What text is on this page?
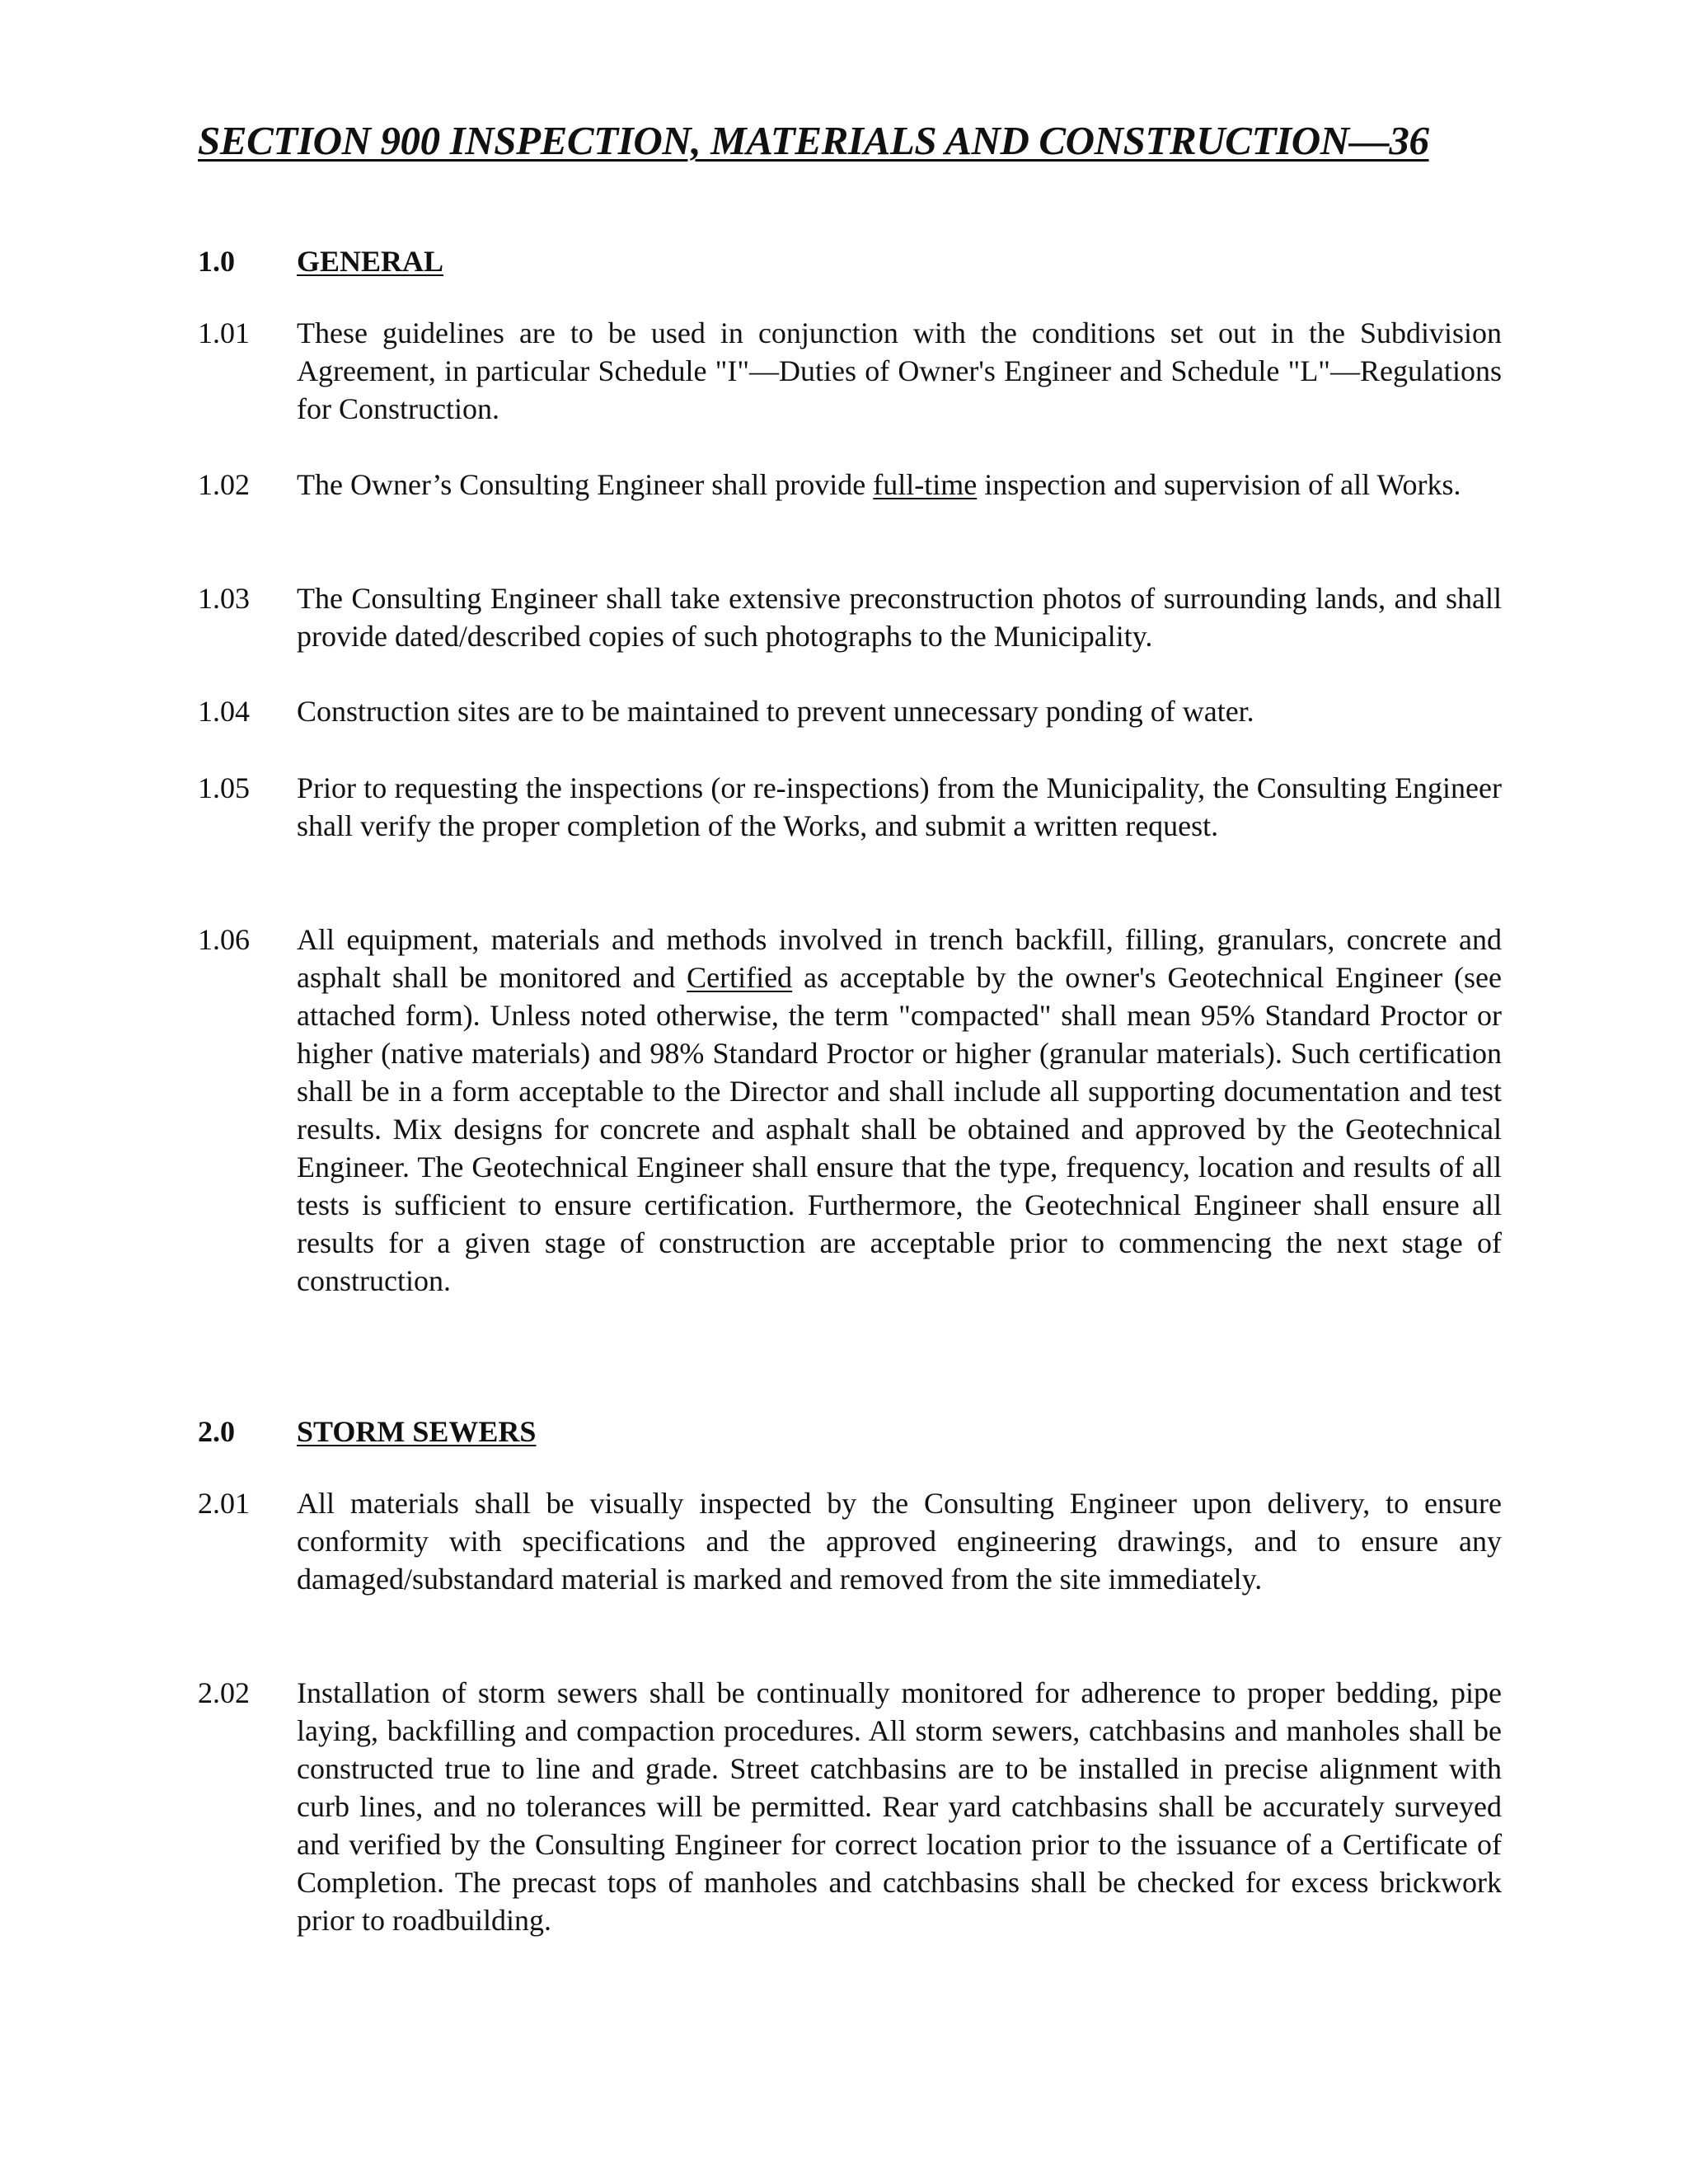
SECTION 900 INSPECTION, MATERIALS AND CONSTRUCTION—36
1.0 GENERAL
1.01	These guidelines are to be used in conjunction with the conditions set out in the Subdivision Agreement, in particular Schedule "I"—Duties of Owner's Engineer and Schedule "L"—Regulations for Construction.
1.02	The Owner’s Consulting Engineer shall provide full-time inspection and supervision of all Works.
1.03	The Consulting Engineer shall take extensive preconstruction photos of surrounding lands, and shall provide dated/described copies of such photographs to the Municipality.
1.04	Construction sites are to be maintained to prevent unnecessary ponding of water.
1.05	Prior to requesting the inspections (or re-inspections) from the Municipality, the Consulting Engineer shall verify the proper completion of the Works, and submit a written request.
1.06	All equipment, materials and methods involved in trench backfill, filling, granulars, concrete and asphalt shall be monitored and Certified as acceptable by the owner's Geotechnical Engineer (see attached form). Unless noted otherwise, the term "compacted" shall mean 95% Standard Proctor or higher (native materials) and 98% Standard Proctor or higher (granular materials). Such certification shall be in a form acceptable to the Director and shall include all supporting documentation and test results. Mix designs for concrete and asphalt shall be obtained and approved by the Geotechnical Engineer. The Geotechnical Engineer shall ensure that the type, frequency, location and results of all tests is sufficient to ensure certification. Furthermore, the Geotechnical Engineer shall ensure all results for a given stage of construction are acceptable prior to commencing the next stage of construction.
2.0 STORM SEWERS
2.01	All materials shall be visually inspected by the Consulting Engineer upon delivery, to ensure conformity with specifications and the approved engineering drawings, and to ensure any damaged/substandard material is marked and removed from the site immediately.
2.02	Installation of storm sewers shall be continually monitored for adherence to proper bedding, pipe laying, backfilling and compaction procedures. All storm sewers, catchbasins and manholes shall be constructed true to line and grade. Street catchbasins are to be installed in precise alignment with curb lines, and no tolerances will be permitted. Rear yard catchbasins shall be accurately surveyed and verified by the Consulting Engineer for correct location prior to the issuance of a Certificate of Completion. The precast tops of manholes and catchbasins shall be checked for excess brickwork prior to roadbuilding.
